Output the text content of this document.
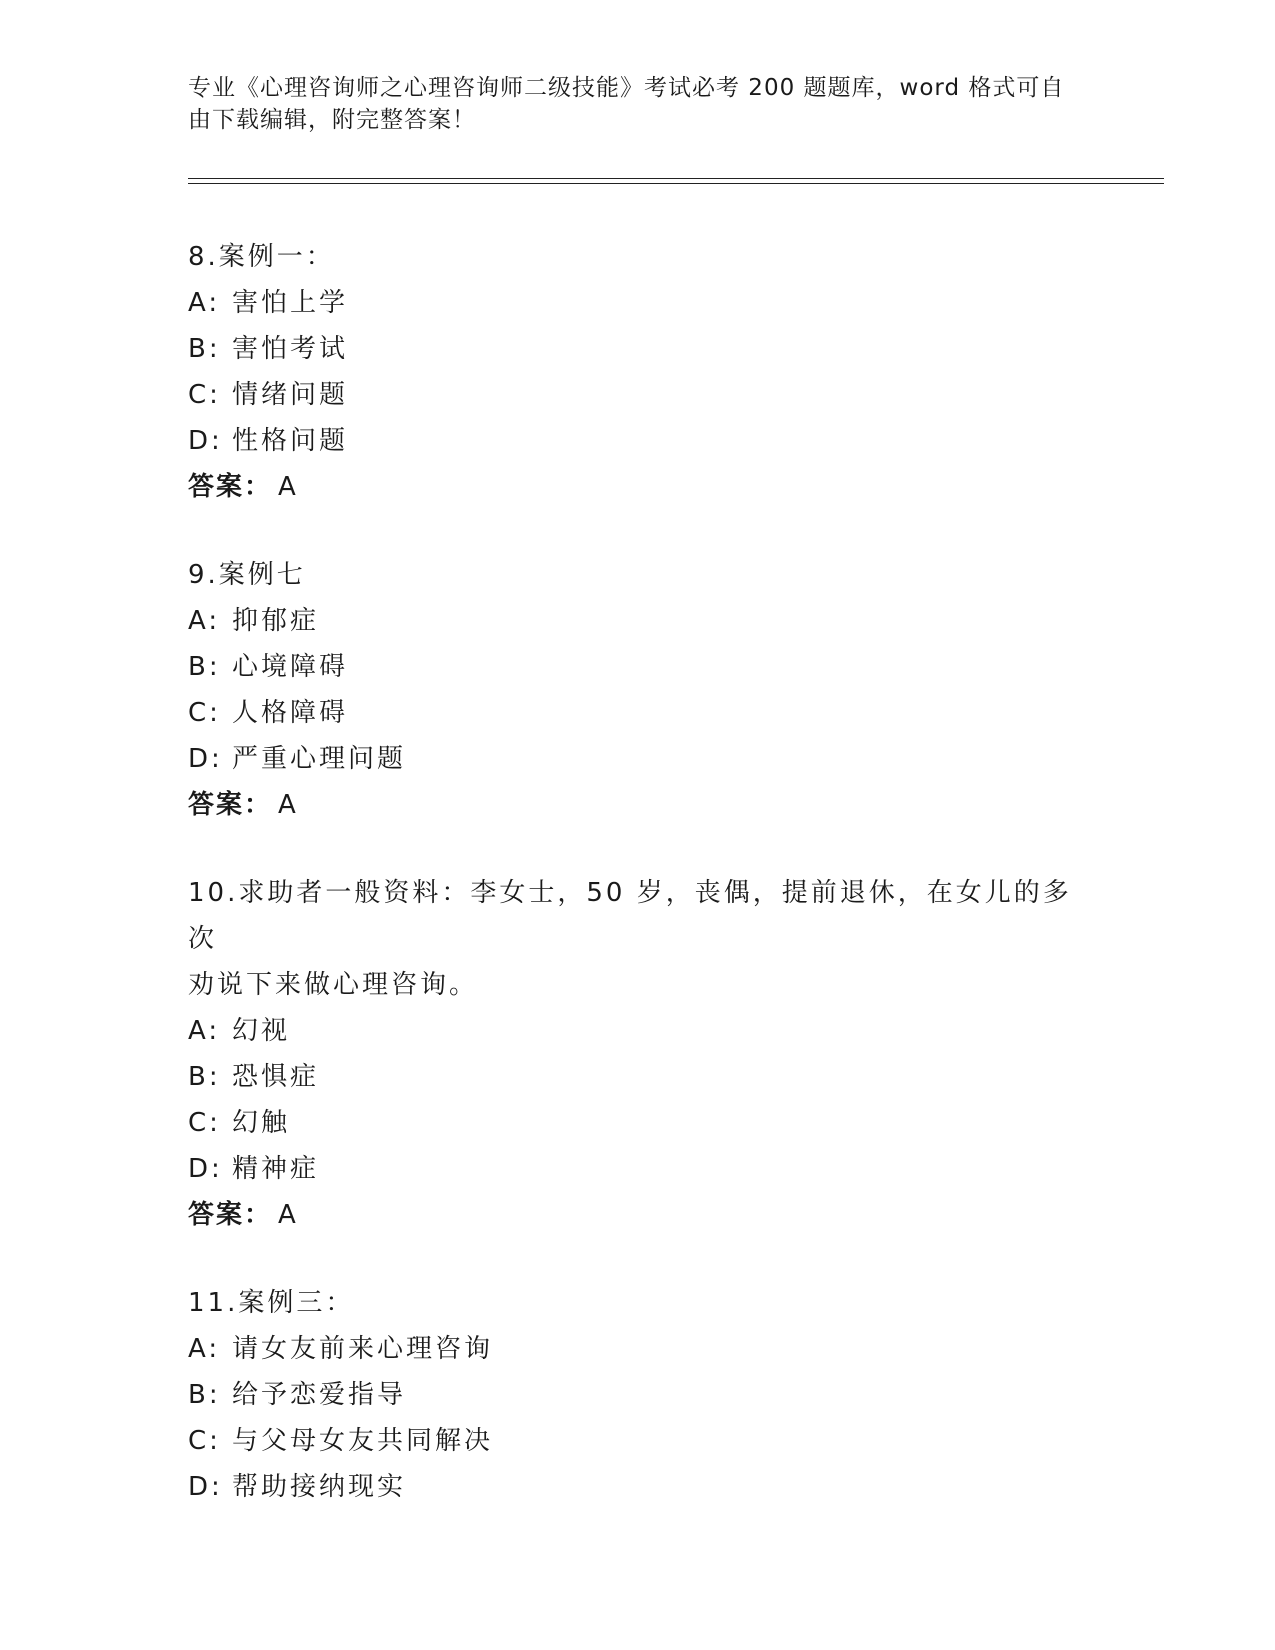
专业《心理咨询师之心理咨询师二级技能》考试必考 200 题题库，word 格式可自
由下载编辑，附完整答案！
8.案例一：
A: 害怕上学
B: 害怕考试
C: 情绪问题
D: 性格问题
答案： A
9.案例七
A: 抑郁症
B: 心境障碍
C: 人格障碍
D: 严重心理问题
答案： A
10.求助者一般资料：李女士，50 岁，丧偶，提前退休，在女儿的多次
劝说下来做心理咨询。
A: 幻视
B: 恐惧症
C: 幻触
D: 精神症
答案： A
11.案例三：
A: 请女友前来心理咨询
B: 给予恋爱指导
C: 与父母女友共同解决
D: 帮助接纳现实
